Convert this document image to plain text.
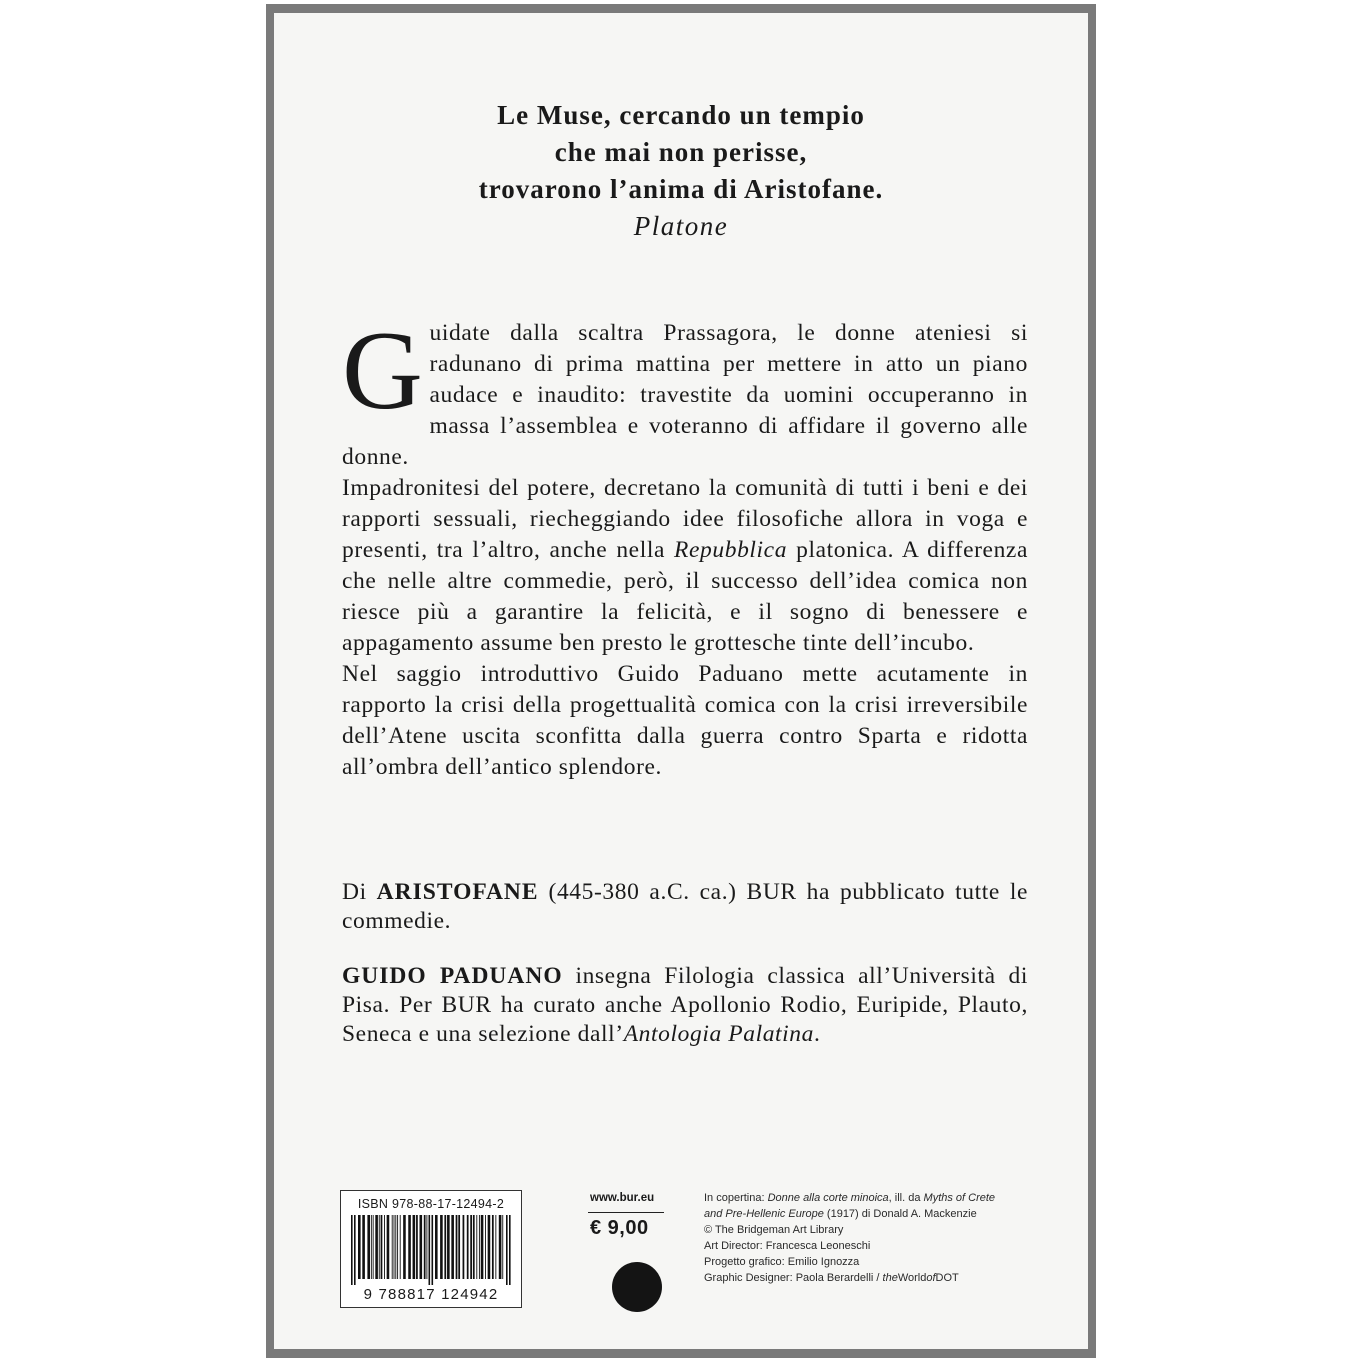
Le Muse, cercando un tempio
che mai non perisse,
trovarono l’anima di Aristofane.
Platone

Guidate dalla scaltra Prassagora, le donne ateniesi si radunano di prima mattina per mettere in atto un piano audace e inaudito: travestite da uomini occuperanno in massa l’assemblea e voteranno di affidare il governo alle donne.

Impadronitesi del potere, decretano la comunità di tutti i beni e dei rapporti sessuali, riecheggiando idee filosofiche allora in voga e presenti, tra l’altro, anche nella Repubblica platonica. A differenza che nelle altre commedie, però, il successo dell’idea comica non riesce più a garantire la felicità, e il sogno di benessere e appagamento assume ben presto le grottesche tinte dell’incubo.

Nel saggio introduttivo Guido Paduano mette acutamente in rapporto la crisi della progettualità comica con la crisi irreversibile dell’Atene uscita sconfitta dalla guerra contro Sparta e ridotta all’ombra dell’antico splendore.

Di ARISTOFANE (445-380 a.C. ca.) BUR ha pubblicato tutte le commedie.

GUIDO PADUANO insegna Filologia classica all’Università di Pisa. Per BUR ha curato anche Apollonio Rodio, Euripide, Plauto, Seneca e una selezione dall’Antologia Palatina.

ISBN 978-88-17-12494-2
9 788817 124942
www.bur.eu
€ 9,00
In copertina: Donne alla corte minoica, ill. da Myths of Crete
and Pre-Hellenic Europe (1917) di Donald A. Mackenzie
© The Bridgeman Art Library
Art Director: Francesca Leoneschi
Progetto grafico: Emilio Ignozza
Graphic Designer: Paola Berardelli / theWorldofDOT
